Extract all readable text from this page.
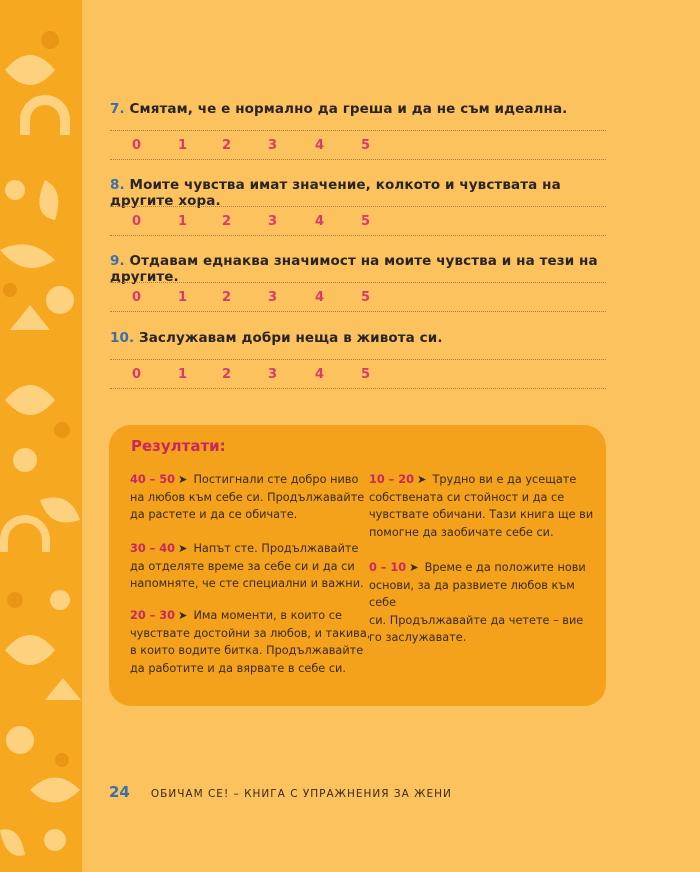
7. Смятам, че е нормално да греша и да не съм идеална.
0	1	2	3	4	5
8. Моите чувства имат значение, колкото и чувствата на другите хора.
0	1	2	3	4	5
9. Отдавам еднаква значимост на моите чувства и на тези на другите.
0	1	2	3	4	5
10. Заслужавам добри неща в живота си.
0	1	2	3	4	5
Резултати:
40 – 50 ➤ Постигнали сте добро ниво
на любов към себе си. Продължавайте
да растете и да се обичате.
30 – 40 ➤ Напът сте. Продължавайте
да отделяте време за себе си и да си
напомняте, че сте специални и важни.
20 – 30 ➤ Има моменти, в които се
чувствате достойни за любов, и такива,
в които водите битка. Продължавайте
да работите и да вярвате в себе си.
10 – 20 ➤ Трудно ви е да усещате
собствената си стойност и да се
чувствате обичани. Тази книга ще ви
помогне да заобичате себе си.
0 – 10 ➤ Време е да положите нови
основи, за да развиете любов към себе
си. Продължавайте да четете – вие
го заслужавате.
24 ОБИЧАМ СЕ! – КНИГА С УПРАЖНЕНИЯ ЗА ЖЕНИ
